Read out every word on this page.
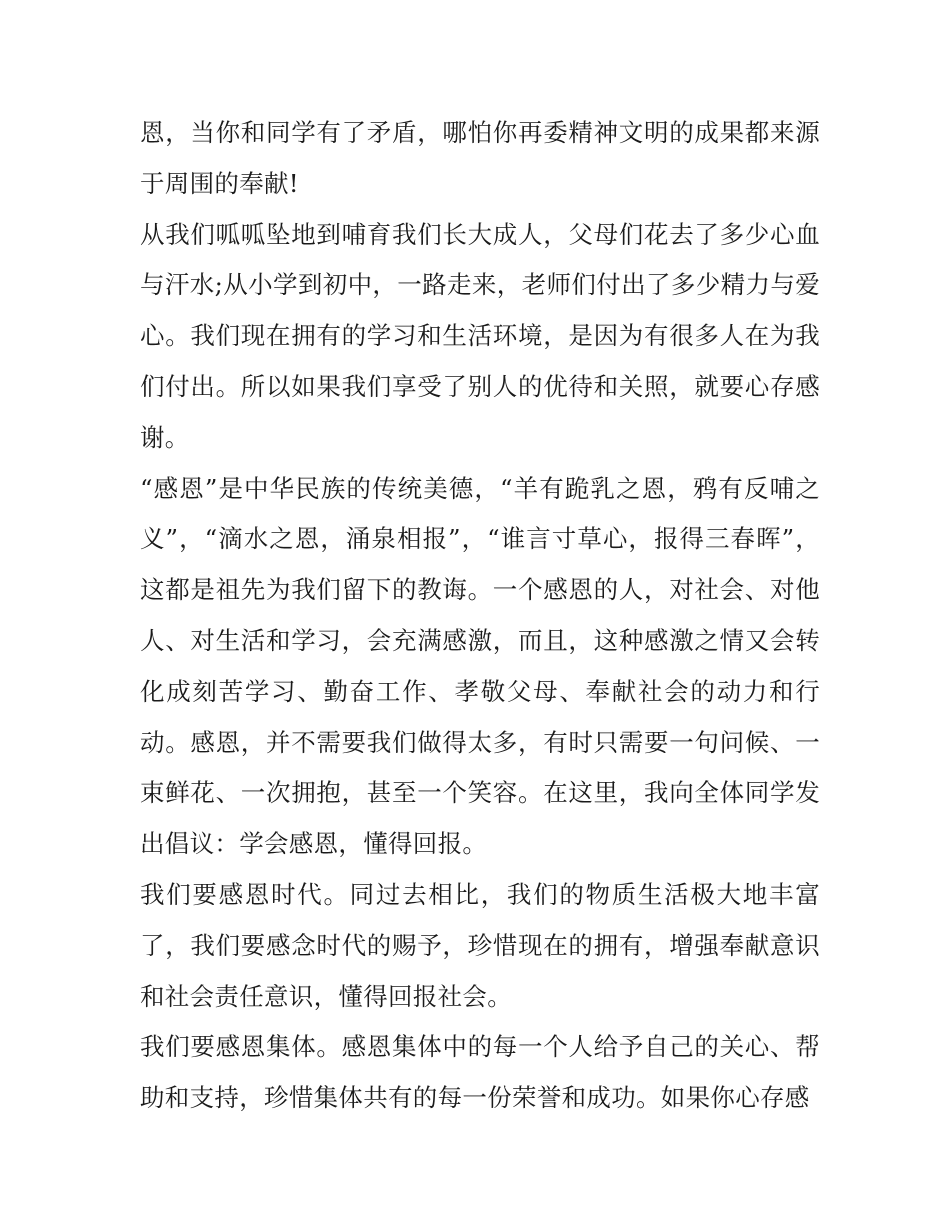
恩，当你和同学有了矛盾，哪怕你再委精神文明的成果都来源于周围的奉献!

从我们呱呱坠地到哺育我们长大成人，父母们花去了多少心血与汗水;从小学到初中，一路走来，老师们付出了多少精力与爱心。我们现在拥有的学习和生活环境，是因为有很多人在为我们付出。所以如果我们享受了别人的优待和关照，就要心存感谢。

“感恩”是中华民族的传统美德，“羊有跪乳之恩，鸦有反哺之义”，“滴水之恩，涌泉相报”，“谁言寸草心，报得三春晖”，这都是祖先为我们留下的教诲。一个感恩的人，对社会、对他人、对生活和学习，会充满感激，而且，这种感激之情又会转化成刻苦学习、勤奋工作、孝敬父母、奉献社会的动力和行动。感恩，并不需要我们做得太多，有时只需要一句问候、一束鲜花、一次拥抱，甚至一个笑容。在这里，我向全体同学发出倡议：学会感恩，懂得回报。

我们要感恩时代。同过去相比，我们的物质生活极大地丰富了，我们要感念时代的赐予，珍惜现在的拥有，增强奉献意识和社会责任意识，懂得回报社会。

我们要感恩集体。感恩集体中的每一个人给予自己的关心、帮助和支持，珍惜集体共有的每一份荣誉和成功。如果你心存感
